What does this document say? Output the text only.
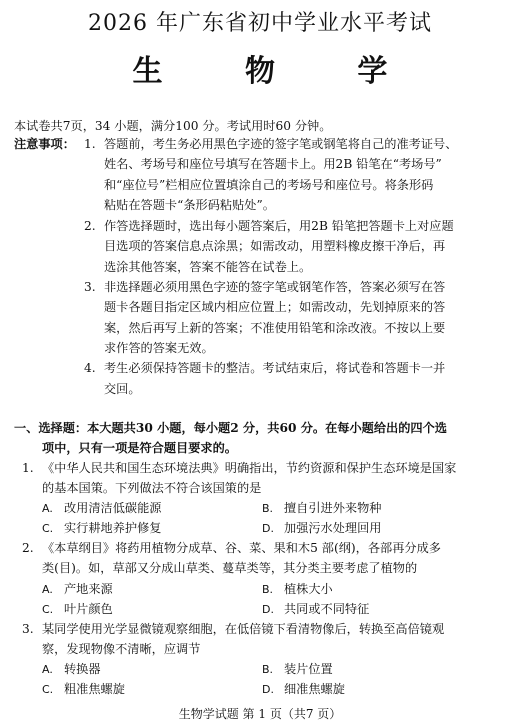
2026 年广东省初中学业水平考试
生 物 学
本试卷共7页，34 小题，满分100 分。考试用时60 分钟。
注意事项： 1. 答题前，考生务必用黑色字迹的签字笔或钢笔将自己的准考证号、
姓名、考场号和座位号填写在答题卡上。用2B 铅笔在“考场号”
和“座位号”栏相应位置填涂自己的考场号和座位号。将条形码
粘贴在答题卡“条形码粘贴处”。
2. 作答选择题时，选出每小题答案后，用2B 铅笔把答题卡上对应题
目选项的答案信息点涂黑；如需改动，用塑料橡皮擦干净后，再
选涂其他答案，答案不能答在试卷上。
3. 非选择题必须用黑色字迹的签字笔或钢笔作答，答案必须写在答
题卡各题目指定区域内相应位置上；如需改动，先划掉原来的答
案，然后再写上新的答案；不准使用铅笔和涂改液。不按以上要
求作答的答案无效。
4. 考生必须保持答题卡的整洁。考试结束后，将试卷和答题卡一并
交回。
一、选择题：本大题共30 小题，每小题2 分，共60 分。在每小题给出的四个选
项中，只有一项是符合题目要求的。
1. 《中华人民共和国生态环境法典》明确指出，节约资源和保护生态环境是国家
的基本国策。下列做法不符合该国策的是
A. 改用清洁低碳能源	B. 擅自引进外来物种
C. 实行耕地养护修复	D. 加强污水处理回用
2. 《本草纲目》将药用植物分成草、谷、菜、果和木5 部(纲)，各部再分成多
类(目)。如，草部又分成山草类、蔓草类等，其分类主要考虑了植物的
A. 产地来源	B. 植株大小
C. 叶片颜色	D. 共同或不同特征
3. 某同学使用光学显微镜观察细胞，在低倍镜下看清物像后，转换至高倍镜观
察，发现物像不清晰，应调节
A. 转换器	B. 装片位置
C. 粗准焦螺旋	D. 细准焦螺旋
生物学试题 第 1 页（共7 页）
